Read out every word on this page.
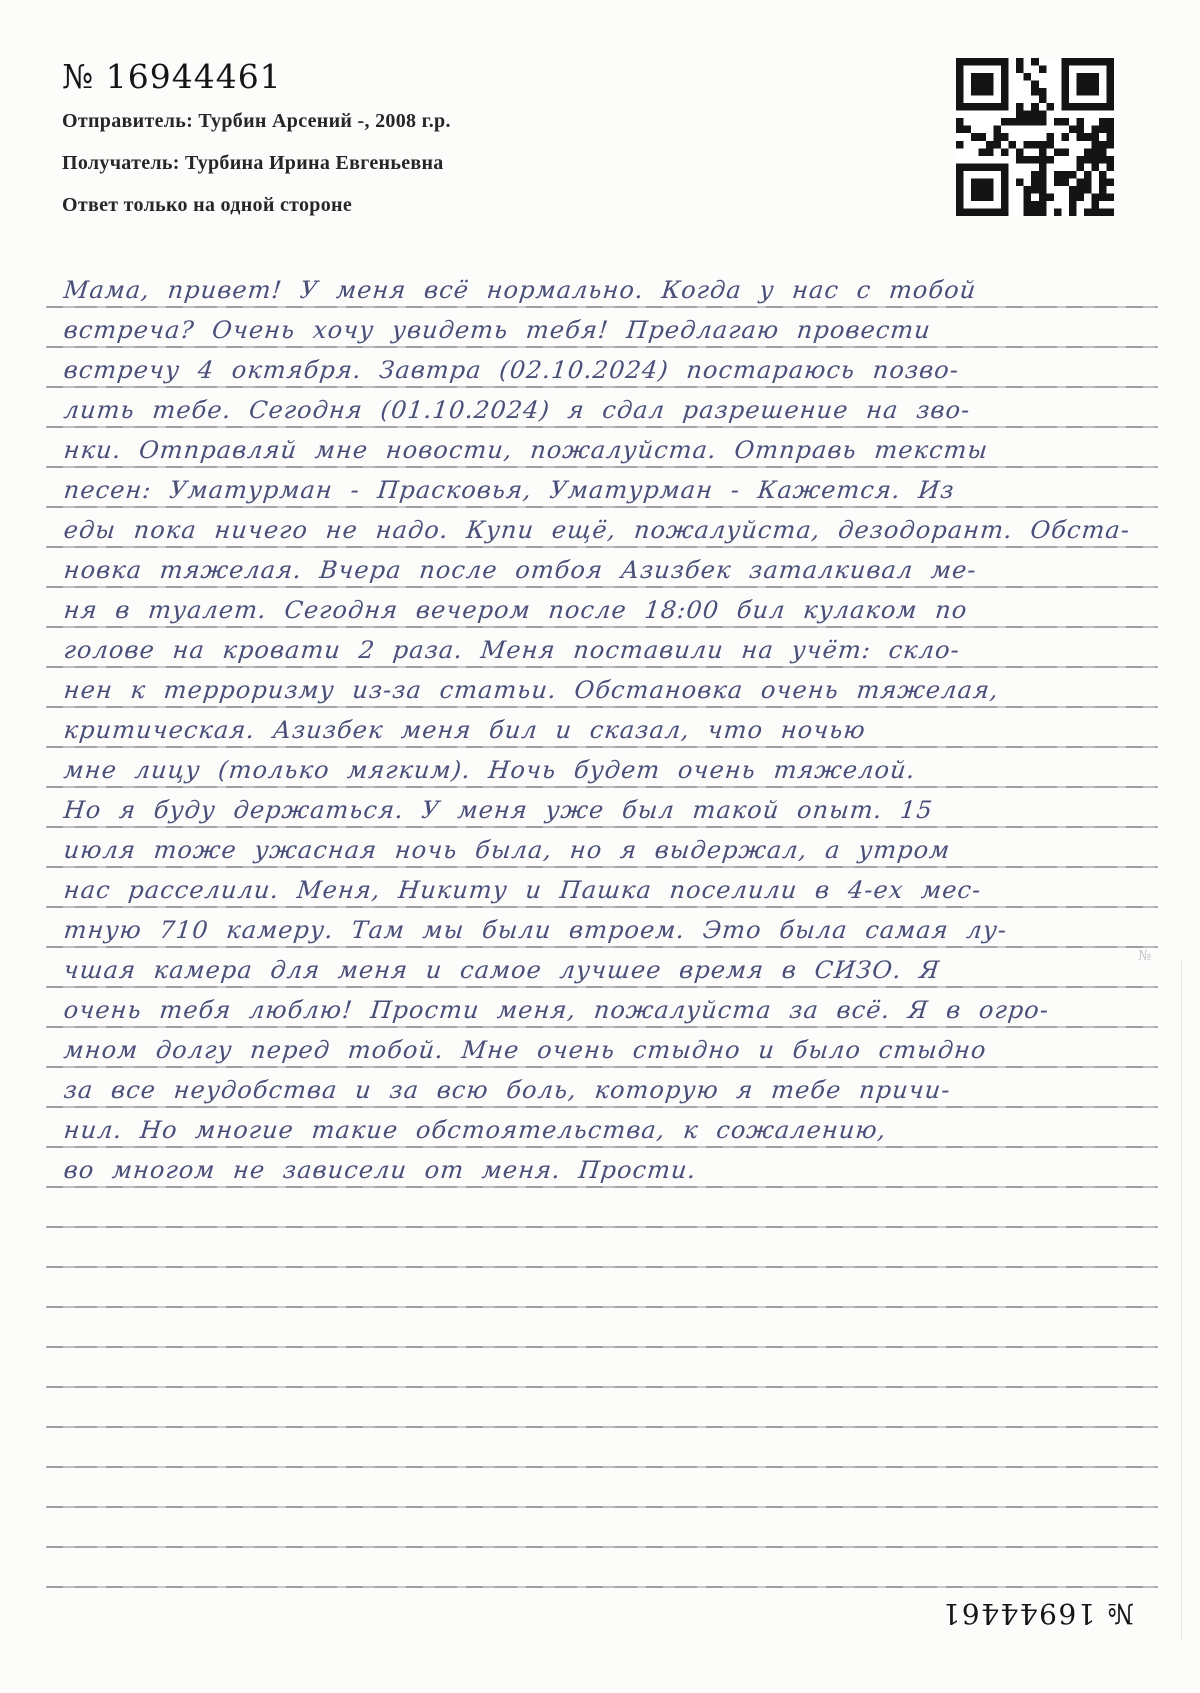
№ 16944461
Отправитель: Турбин Арсений -, 2008 г.р.
Получатель: Турбина Ирина Евгеньевна
Ответ только на одной стороне
Мама, привет! У меня всё нормально. Когда у нас с тобой
встреча? Очень хочу увидеть тебя! Предлагаю провести
встречу 4 октября. Завтра (02.10.2024) постараюсь позво-
лить тебе. Сегодня (01.10.2024) я сдал разрешение на зво-
нки. Отправляй мне новости, пожалуйста. Отправь тексты
песен: Уматурман - Прасковья, Уматурман - Кажется. Из
еды пока ничего не надо. Купи ещё, пожалуйста, дезодорант. Обста-
новка тяжелая. Вчера после отбоя Азизбек заталкивал ме-
ня в туалет. Сегодня вечером после 18:00 бил кулаком по
голове на кровати 2 раза. Меня поставили на учёт: скло-
нен к терроризму из-за статьи. Обстановка очень тяжелая,
критическая. Азизбек меня бил и сказал, что ночью
мне лицу (только мягким). Ночь будет очень тяжелой.
Но я буду держаться. У меня уже был такой опыт. 15
июля тоже ужасная ночь была, но я выдержал, а утром
нас расселили. Меня, Никиту и Пашка поселили в 4-ех мес-
тную 710 камеру. Там мы были втроем. Это была самая лу-
чшая камера для меня и самое лучшее время в СИЗО. Я
очень тебя люблю! Прости меня, пожалуйста за всё. Я в огро-
мном долгу перед тобой. Мне очень стыдно и было стыдно
за все неудобства и за всю боль, которую я тебе причи-
нил. Но многие такие обстоятельства, к сожалению,
во многом не зависели от меня. Прости.
№
№ 16944461
